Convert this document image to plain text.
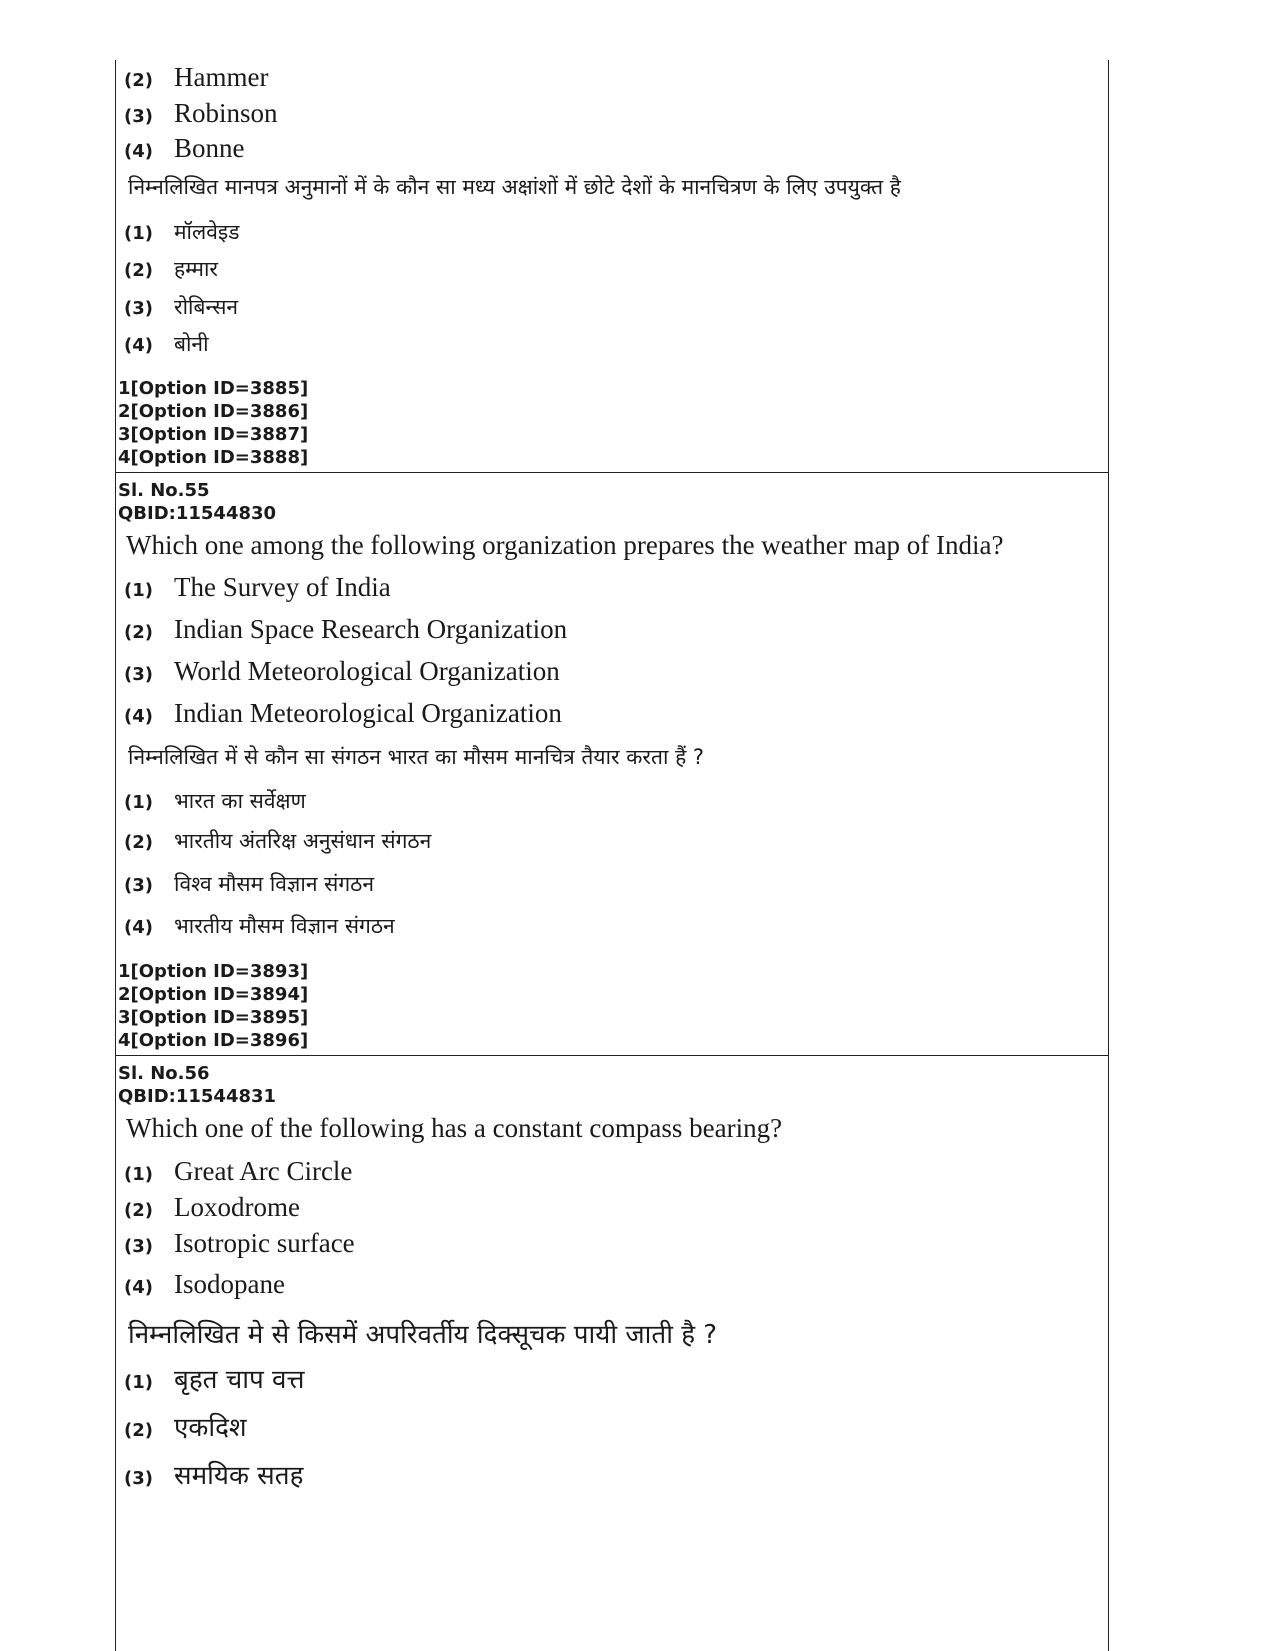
(2) Hammer
(3) Robinson
(4) Bonne
निम्नलिखित मानपत्र अनुमानों में के कौन सा मध्य अक्षांशों में छोटे देशों के मानचित्रण के लिए उपयुक्त है
(1)	मॉलवेइड
(2)	हम्मार
(3)	रोबिन्सन
(4)	बोनी
1[Option ID=3885]
2[Option ID=3886]
3[Option ID=3887]
4[Option ID=3888]
Sl. No.55
QBID:11544830
Which one among the following organization prepares the weather map of India?
(1) The Survey of India
(2) Indian Space Research Organization
(3) World Meteorological Organization
(4) Indian Meteorological Organization
निम्नलिखित में से कौन सा संगठन भारत का मौसम मानचित्र तैयार करता हैं ?
(1)	भारत का सर्वेक्षण
(2)	भारतीय अंतरिक्ष अनुसंधान संगठन
(3)	विश्व मौसम विज्ञान संगठन
(4)	भारतीय मौसम विज्ञान संगठन
1[Option ID=3893]
2[Option ID=3894]
3[Option ID=3895]
4[Option ID=3896]
Sl. No.56
QBID:11544831
Which one of the following has a constant compass bearing?
(1) Great Arc Circle
(2) Loxodrome
(3) Isotropic surface
(4) Isodopane
निम्नलिखित मे से किसमें अपरिवर्तीय दिक्सूचक पायी जाती है ?
(1) बृहत चाप वत्त
(2) एकदिश
(3) समयिक सतह
